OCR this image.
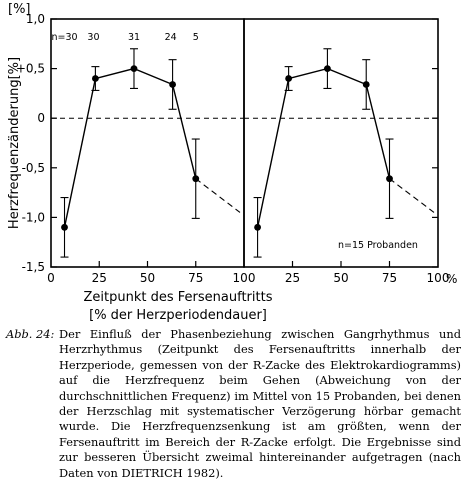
[%]
Herzfrequenzänderung[%]
%
Zeitpunkt des Fersenauftritts
[% der Herzperiodendauer]
n=15 Probanden
0	25	50	75 100
1,0
+0,5
0
-0,5
-1,0
-1,5
n=30 30	31	24 5
25	50	75 100
Abb. 24: Der Einfluß der Phasenbeziehung zwischen Gangrhythmus und Herzrhythmus (Zeitpunkt des Fersenauftritts innerhalb der Herzperiode, gemessen von der R-Zacke des Elektrokardiogramms) auf die Herzfrequenz beim Gehen (Abweichung von der durchschnittlichen Frequenz) im Mittel von 15 Probanden, bei denen der Herzschlag mit systematischer Verzögerung hörbar gemacht wurde. Die Herzfrequenzsenkung ist am größten, wenn der Fersenauftritt im Bereich der R-Zacke erfolgt. Die Ergebnisse sind zur besseren Übersicht zweimal hintereinander aufgetragen (nach Daten von DIETRICH 1982).
